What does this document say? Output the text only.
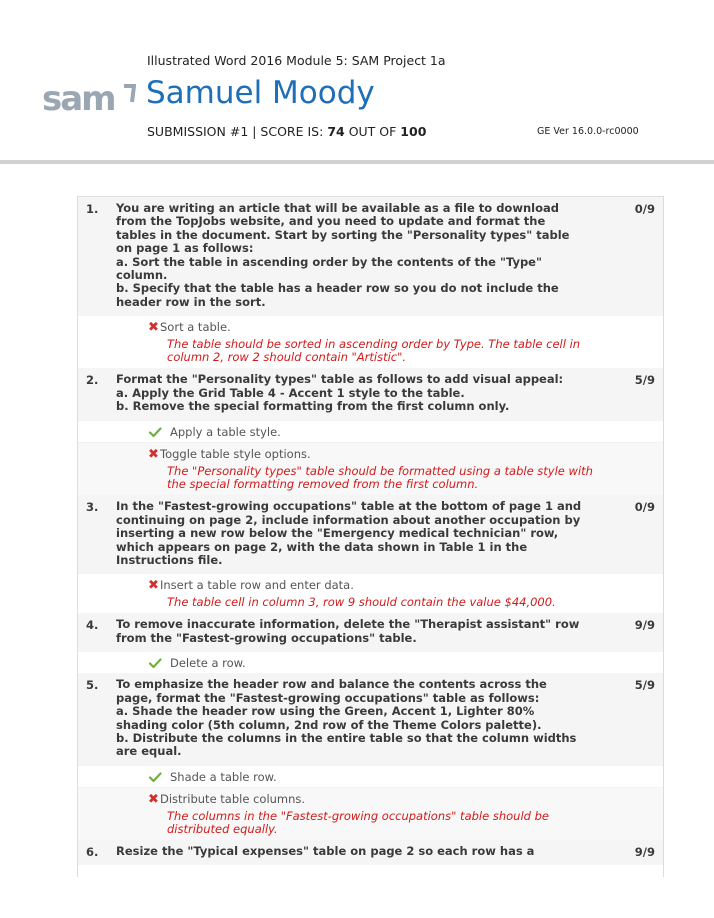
sam
Illustrated Word 2016 Module 5: SAM Project 1a
Samuel Moody
SUBMISSION #1 | SCORE IS: 74 OUT OF 100	GE Ver 16.0.0-rc0000
1.	You are writing an article that will be available as a file to download from the TopJobs website, and you need to update and format the tables in the document. Start by sorting the "Personality types" table on page 1 as follows:
a. Sort the table in ascending order by the contents of the "Type" column.
b. Specify that the table has a header row so you do not include the header row in the sort.
0/9
✖ Sort a table.
The table should be sorted in ascending order by Type. The table cell in column 2, row 2 should contain "Artistic".
2.	Format the "Personality types" table as follows to add visual appeal:
a. Apply the Grid Table 4 - Accent 1 style to the table.
b. Remove the special formatting from the first column only.
5/9
Apply a table style.
✖ Toggle table style options.
The "Personality types" table should be formatted using a table style with the special formatting removed from the first column.
3.	In the "Fastest-growing occupations" table at the bottom of page 1 and continuing on page 2, include information about another occupation by inserting a new row below the "Emergency medical technician" row, which appears on page 2, with the data shown in Table 1 in the Instructions file.
0/9
✖ Insert a table row and enter data.
The table cell in column 3, row 9 should contain the value $44,000.
4.	To remove inaccurate information, delete the "Therapist assistant" row from the "Fastest-growing occupations" table.
9/9
Delete a row.
5.	To emphasize the header row and balance the contents across the page, format the "Fastest-growing occupations" table as follows:
a. Shade the header row using the Green, Accent 1, Lighter 80% shading color (5th column, 2nd row of the Theme Colors palette).
b. Distribute the columns in the entire table so that the column widths are equal.
5/9
Shade a table row.
✖ Distribute table columns.
The columns in the "Fastest-growing occupations" table should be distributed equally.
6.	Resize the "Typical expenses" table on page 2 so each row has a	9/9
